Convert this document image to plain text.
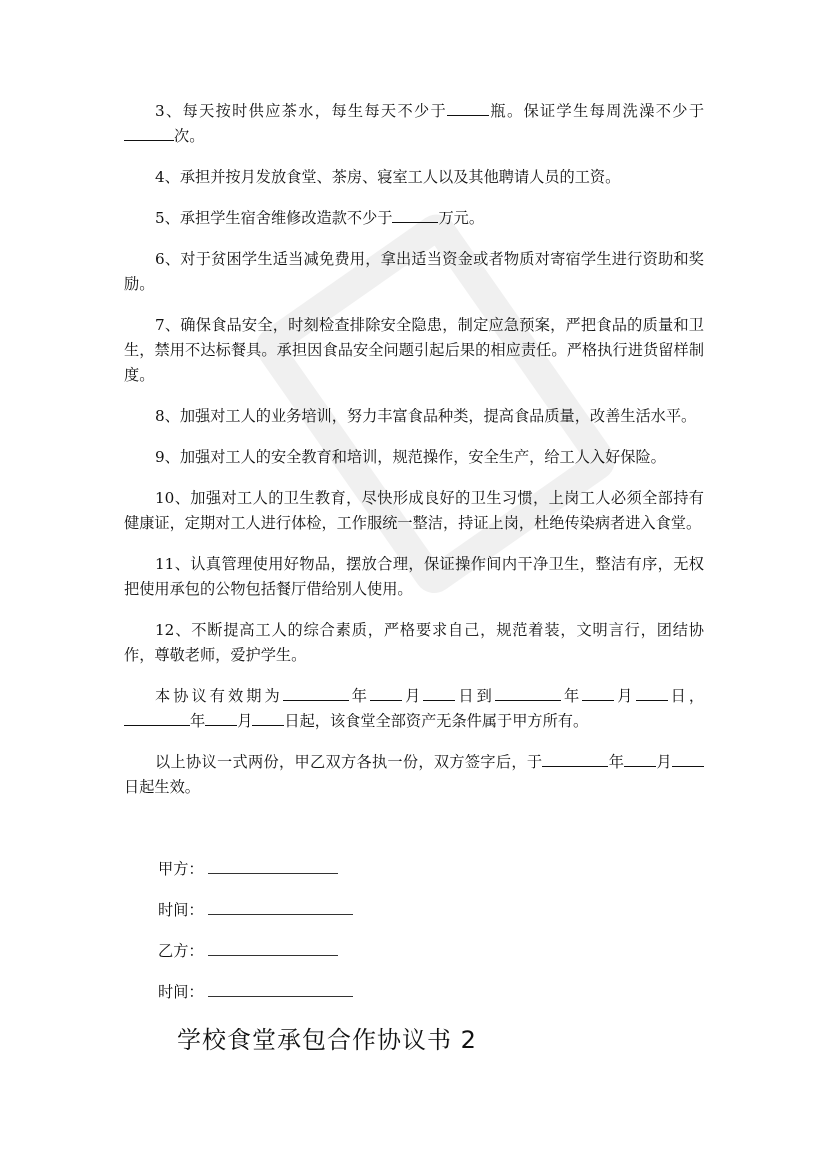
3、每天按时供应茶水，每生每天不少于	瓶。保证学生每周洗澡不少于次。

4、承担并按月发放食堂、茶房、寝室工人以及其他聘请人员的工资。

5、承担学生宿舍维修改造款不少于	万元。

6、对于贫困学生适当减免费用，拿出适当资金或者物质对寄宿学生进行资助和奖励。

7、确保食品安全，时刻检查排除安全隐患，制定应急预案，严把食品的质量和卫生，禁用不达标餐具。承担因食品安全问题引起后果的相应责任。严格执行进货留样制度。

8、加强对工人的业务培训，努力丰富食品种类，提高食品质量，改善生活水平。

9、加强对工人的安全教育和培训，规范操作，安全生产，给工人入好保险。

10、加强对工人的卫生教育，尽快形成良好的卫生习惯，上岗工人必须全部持有健康证，定期对工人进行体检，工作服统一整洁，持证上岗，杜绝传染病者进入食堂。

11、认真管理使用好物品，摆放合理，保证操作间内干净卫生，整洁有序，无权把使用承包的公物包括餐厅借给别人使用。

12、不断提高工人的综合素质，严格要求自己，规范着装，文明言行，团结协作，尊敬老师，爱护学生。

本协议有效期为	年 月 日到	年 月 日，年 月 日起，该食堂全部资产无条件属于甲方所有。

以上协议一式两份，甲乙双方各执一份，双方签字后，于	年 月日起生效。

甲方：
时间：
乙方：
时间：
学校食堂承包合作协议书 2
